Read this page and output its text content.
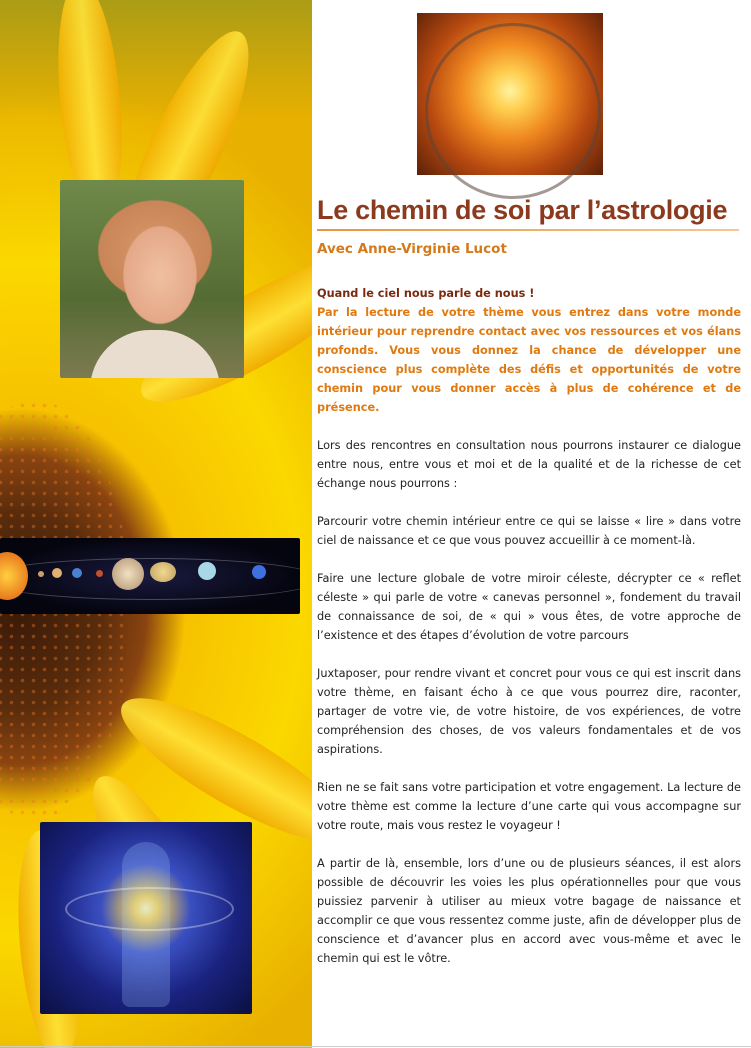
Le chemin de soi par l’astrologie

Avec Anne-Virginie Lucot

Quand le ciel nous parle de nous !

Par la lecture de votre thème vous entrez dans votre monde intérieur pour reprendre contact avec vos ressources et vos élans profonds. Vous vous donnez la chance de développer une conscience plus complète des défis et opportunités de votre chemin pour vous donner accès à plus de cohérence et de présence.

Lors des rencontres en consultation nous pourrons instaurer ce dialogue entre nous, entre vous et moi et de la qualité et de la richesse de cet échange nous pourrons :

Parcourir votre chemin intérieur entre ce qui se laisse « lire » dans votre ciel de naissance et ce que vous pouvez accueillir à ce moment-là.

Faire une lecture globale de votre miroir céleste, décrypter ce « reflet céleste » qui parle de votre « canevas personnel », fondement du travail de connaissance de soi, de « qui » vous êtes, de votre approche de l’existence et des étapes d’évolution de votre parcours

Juxtaposer, pour rendre vivant et concret pour vous ce qui est inscrit dans votre thème, en faisant écho à ce que vous pourrez dire, raconter, partager de votre vie, de votre histoire, de vos expériences, de votre compréhension des choses, de vos valeurs fondamentales et de vos aspirations.

Rien ne se fait sans votre participation et votre engagement. La lecture de votre thème est comme la lecture d’une carte qui vous accompagne sur votre route, mais vous restez le voyageur !

A partir de là, ensemble, lors d’une ou de plusieurs séances, il est alors possible de découvrir les voies les plus opérationnelles pour que vous puissiez parvenir à utiliser au mieux votre bagage de naissance et accomplir ce que vous ressentez comme juste, afin de développer plus de conscience et d’avancer plus en accord avec vous-même et avec le chemin qui est le vôtre.
